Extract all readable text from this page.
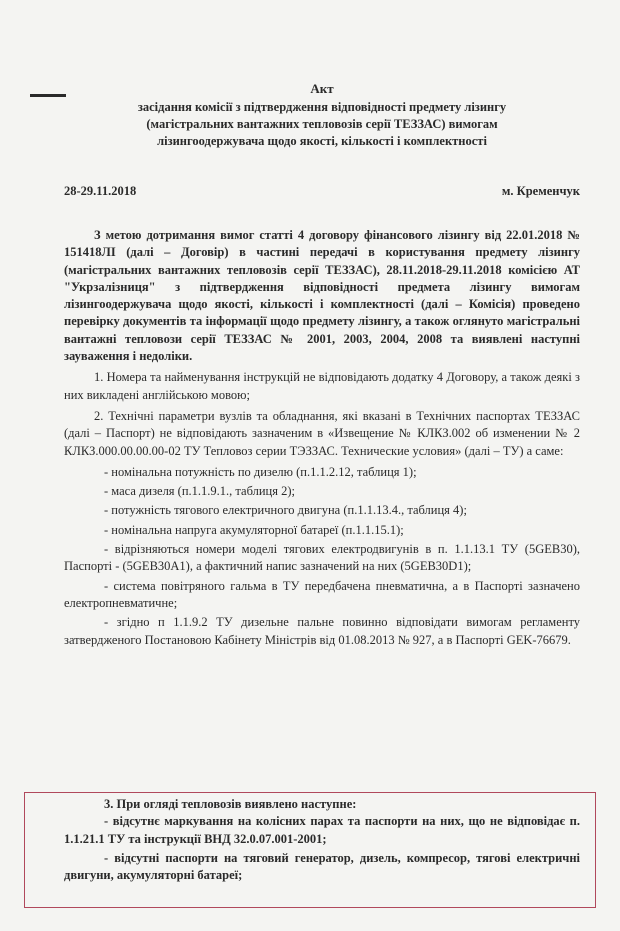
Акт
засідання комісії з підтвердження відповідності предмету лізингу
(магістральних вантажних тепловозів серії ТЕЗЗАС) вимогам
лізингоодержувача щодо якості, кількості і комплектності
28-29.11.2018	м. Кременчук

З метою дотримання вимог статті 4 договору фінансового лізингу від 22.01.2018 № 151418ЛІ (далі – Договір) в частині передачі в користування предмету лізингу (магістральних вантажних тепловозів серії ТЕЗЗАС), 28.11.2018-29.11.2018 комісією АТ "Укрзалізниця" з підтвердження відповідності предмета лізингу вимогам лізингоодержувача щодо якості, кількості і комплектності (далі – Комісія) проведено перевірку документів та інформації щодо предмету лізингу, а також оглянуто магістральні вантажні тепловози серії ТЕЗЗАС № 2001, 2003, 2004, 2008 та виявлені наступні зауваження і недоліки.

1. Номера та найменування інструкцій не відповідають додатку 4 Договору, а також деякі з них викладені англійською мовою;

2. Технічні параметри вузлів та обладнання, які вказані в Технічних паспортах ТЕЗЗАС (далі – Паспорт) не відповідають зазначеним в «Извещение № КЛКЗ.002 об изменении № 2 КЛКЗ.000.00.00.00-02 ТУ Тепловоз серии ТЭЗЗАС. Технические условия» (далі – ТУ) а саме:

- номінальна потужність по дизелю (п.1.1.2.12, таблиця 1);
- маса дизеля (п.1.1.9.1., таблиця 2);
- потужність тягового електричного двигуна (п.1.1.13.4., таблиця 4);
- номінальна напруга акумуляторної батареї (п.1.1.15.1);
- відрізняються номери моделі тягових електродвигунів в п. 1.1.13.1 ТУ (5GEB30), Паспорті - (5GEB30A1), а фактичний напис зазначений на них (5GEB30D1);
- система повітряного гальма в ТУ передбачена пневматична, а в Паспорті зазначено електропневматичне;
- згідно п 1.1.9.2 ТУ дизельне пальне повинно відповідати вимогам регламенту затвердженого Постановою Кабінету Міністрів від 01.08.2013 № 927, а в Паспорті GEK-76679.
3. При огляді тепловозів виявлено наступне:
- відсутнє маркування на колісних парах та паспорти на них, що не відповідає п. 1.1.21.1 ТУ та інструкції ВНД 32.0.07.001-2001;
- відсутні паспорти на тяговий генератор, дизель, компресор, тягові електричні двигуни, акумуляторні батареї;
